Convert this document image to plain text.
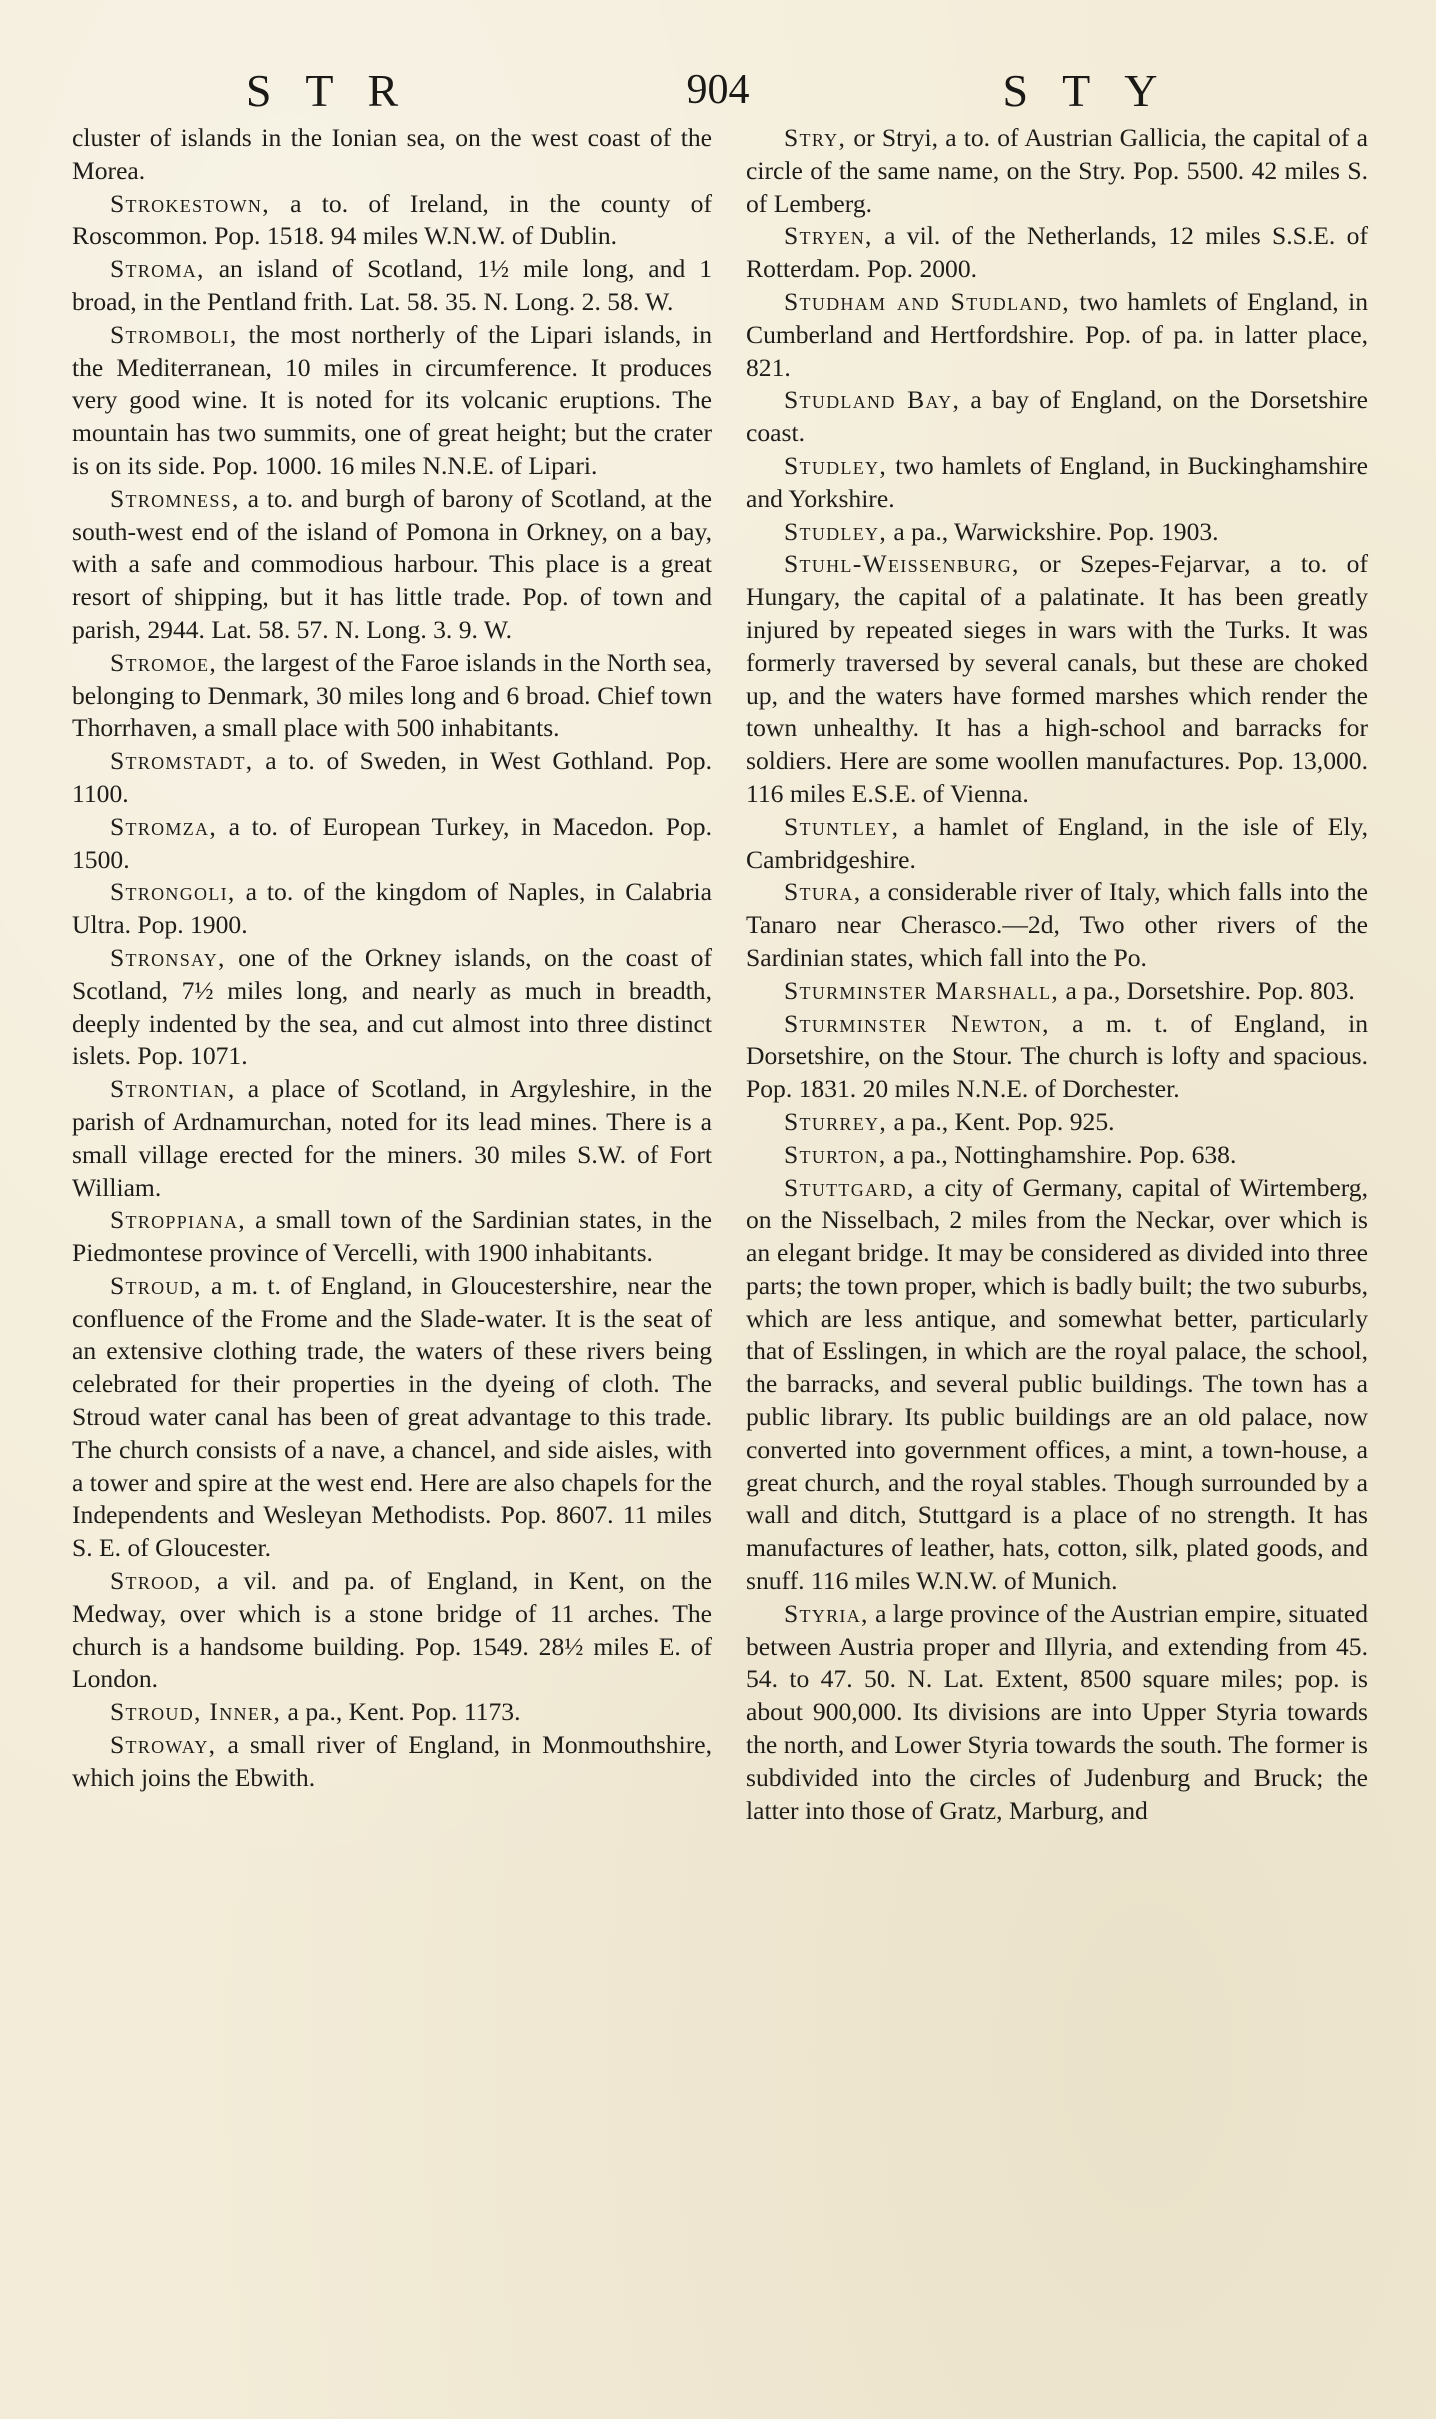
STR	904	STY

cluster of islands in the Ionian sea, on the west coast of the Morea.

Strokestown, a to. of Ireland, in the county of Roscommon. Pop. 1518. 94 miles W.N.W. of Dublin.

Stroma, an island of Scotland, 1½ mile long, and 1 broad, in the Pentland frith. Lat. 58. 35. N. Long. 2. 58. W.

Stromboli, the most northerly of the Lipari islands, in the Mediterranean, 10 miles in circumference. It produces very good wine. It is noted for its volcanic eruptions. The mountain has two summits, one of great height; but the crater is on its side. Pop. 1000. 16 miles N.N.E. of Lipari.

Stromness, a to. and burgh of barony of Scotland, at the south-west end of the island of Pomona in Orkney, on a bay, with a safe and commodious harbour. This place is a great resort of shipping, but it has little trade. Pop. of town and parish, 2944. Lat. 58. 57. N. Long. 3. 9. W.

Stromoe, the largest of the Faroe islands in the North sea, belonging to Denmark, 30 miles long and 6 broad. Chief town Thorrhaven, a small place with 500 inhabitants.

Stromstadt, a to. of Sweden, in West Gothland. Pop. 1100.

Stromza, a to. of European Turkey, in Macedon. Pop. 1500.

Strongoli, a to. of the kingdom of Naples, in Calabria Ultra. Pop. 1900.

Stronsay, one of the Orkney islands, on the coast of Scotland, 7½ miles long, and nearly as much in breadth, deeply indented by the sea, and cut almost into three distinct islets. Pop. 1071.

Strontian, a place of Scotland, in Argyleshire, in the parish of Ardnamurchan, noted for its lead mines. There is a small village erected for the miners. 30 miles S.W. of Fort William.

Stroppiana, a small town of the Sardinian states, in the Piedmontese province of Vercelli, with 1900 inhabitants.

Stroud, a m. t. of England, in Gloucestershire, near the confluence of the Frome and the Slade-water. It is the seat of an extensive clothing trade, the waters of these rivers being celebrated for their properties in the dyeing of cloth. The Stroud water canal has been of great advantage to this trade. The church consists of a nave, a chancel, and side aisles, with a tower and spire at the west end. Here are also chapels for the Independents and Wesleyan Methodists. Pop. 8607. 11 miles S. E. of Gloucester.

Strood, a vil. and pa. of England, in Kent, on the Medway, over which is a stone bridge of 11 arches. The church is a handsome building. Pop. 1549. 28½ miles E. of London.

Stroud, Inner, a pa., Kent. Pop. 1173.

Stroway, a small river of England, in Monmouthshire, which joins the Ebwith.

Stry, or Stryi, a to. of Austrian Gallicia, the capital of a circle of the same name, on the Stry. Pop. 5500. 42 miles S. of Lemberg.

Stryen, a vil. of the Netherlands, 12 miles S.S.E. of Rotterdam. Pop. 2000.

Studham and Studland, two hamlets of England, in Cumberland and Hertfordshire. Pop. of pa. in latter place, 821.

Studland Bay, a bay of England, on the Dorsetshire coast.

Studley, two hamlets of England, in Buckinghamshire and Yorkshire.

Studley, a pa., Warwickshire. Pop. 1903.

Stuhl-Weissenburg, or Szepes-Fejarvar, a to. of Hungary, the capital of a palatinate. It has been greatly injured by repeated sieges in wars with the Turks. It was formerly traversed by several canals, but these are choked up, and the waters have formed marshes which render the town unhealthy. It has a high-school and barracks for soldiers. Here are some woollen manufactures. Pop. 13,000. 116 miles E.S.E. of Vienna.

Stuntley, a hamlet of England, in the isle of Ely, Cambridgeshire.

Stura, a considerable river of Italy, which falls into the Tanaro near Cherasco.—2d, Two other rivers of the Sardinian states, which fall into the Po.

Sturminster Marshall, a pa., Dorsetshire. Pop. 803.

Sturminster Newton, a m. t. of England, in Dorsetshire, on the Stour. The church is lofty and spacious. Pop. 1831. 20 miles N.N.E. of Dorchester.

Sturrey, a pa., Kent. Pop. 925.

Sturton, a pa., Nottinghamshire. Pop. 638.

Stuttgard, a city of Germany, capital of Wirtemberg, on the Nisselbach, 2 miles from the Neckar, over which is an elegant bridge. It may be considered as divided into three parts; the town proper, which is badly built; the two suburbs, which are less antique, and somewhat better, particularly that of Esslingen, in which are the royal palace, the school, the barracks, and several public buildings. The town has a public library. Its public buildings are an old palace, now converted into government offices, a mint, a town-house, a great church, and the royal stables. Though surrounded by a wall and ditch, Stuttgard is a place of no strength. It has manufactures of leather, hats, cotton, silk, plated goods, and snuff. 116 miles W.N.W. of Munich.

Styria, a large province of the Austrian empire, situated between Austria proper and Illyria, and extending from 45. 54. to 47. 50. N. Lat. Extent, 8500 square miles; pop. is about 900,000. Its divisions are into Upper Styria towards the north, and Lower Styria towards the south. The former is subdivided into the circles of Judenburg and Bruck; the latter into those of Gratz, Marburg, and
